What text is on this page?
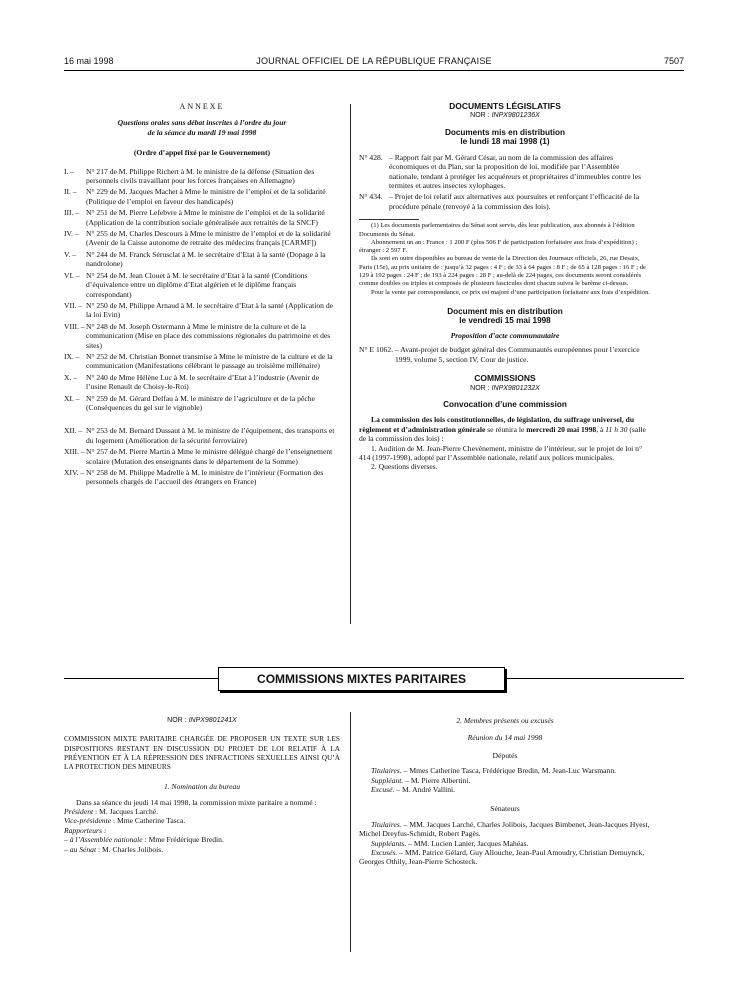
16 mai 1998	JOURNAL OFFICIEL DE LA RÉPUBLIQUE FRANÇAISE	7507
ANNEXE
Questions orales sans débat inscrites à l’ordre du jour
de la séance du mardi 19 mai 1998
(Ordre d’appel fixé par le Gouvernement)
I. – N° 217 de M. Philippe Richert à M. le ministre de la défense (Situation des personnels civils travaillant pour les forces françaises en Allemagne)
II. – N° 229 de M. Jacques Machet à Mme le ministre de l’emploi et de la solidarité (Politique de l’emploi en faveur des handicapés)
III. – N° 251 de M. Pierre Lefebvre à Mme le ministre de l’emploi et de la solidarité (Application de la contribution sociale généralisée aux retraités de la SNCF)
IV. – N° 255 de M. Charles Descours à Mme le ministre de l’emploi et de la solidarité (Avenir de la Caisse autonome de retraite des médecins français [CARMF])
V. – N° 244 de M. Franck Sérusclat à M. le secrétaire d’Etat à la santé (Dopage à la nandrolone)
VI. – N° 254 de M. Jean Clouet à M. le secrétaire d’Etat à la santé (Conditions d’équivalence entre un diplôme d’Etat algérien et le diplôme français correspondant)
VII. – N° 250 de M. Philippe Arnaud à M. le secrétaire d’Etat à la santé (Application de la loi Evin)
VIII. – N° 248 de M. Joseph Ostermann à Mme le ministre de la culture et de la communication (Mise en place des commissions régionales du patrimoine et des sites)
IX. – N° 252 de M. Christian Bonnet transmise à Mme le ministre de la culture et de la communication (Manifestations célébrant le passage au troisième millénaire)
X. – N° 240 de Mme Hélène Luc à M. le secrétaire d’Etat à l’industrie (Avenir de l’usine Renault de Choisy-le-Roi)
XI. – N° 259 de M. Gérard Delfau à M. le ministre de l’agriculture et de la pêche (Conséquences du gel sur le vignoble)
XII. – N° 253 de M. Bernard Dussaut à M. le ministre de l’équipement, des transports et du logement (Amélioration de la sécurité ferroviaire)
XIII. – N° 257 de M. Pierre Martin à Mme le ministre délégué chargé de l’enseignement scolaire (Mutation des enseignants dans le département de la Somme)
XIV. – N° 258 de M. Philippe Madrelle à M. le ministre de l’intérieur (Formation des personnels chargés de l’accueil des étrangers en France)
DOCUMENTS LÉGISLATIFS
NOR : INPX9801236X
Documents mis en distribution
le lundi 18 mai 1998 (1)
N° 428. – Rapport fait par M. Gérard César, au nom de la commission des affaires économiques et du Plan, sur la proposition de loi, modifiée par l’Assemblée nationale, tendant à protéger les acquéreurs et propriétaires d’immeubles contre les termites et autres insectes xylophages.
N° 434. – Projet de loi relatif aux alternatives aux poursuites et renforçant l’efficacité de la procédure pénale (renvoyé à la commission des lois).
(1) Les documents parlementaires du Sénat sont servis, dès leur publication, aux abonnés à l’édition Documents du Sénat.
Abonnement un an : France : 1 200 F (plus 506 F de participation forfaitaire aux frais d’expédition) ; étranger : 2 597 F.
Ils sont en outre disponibles au bureau de vente de la Direction des Journaux officiels, 26, rue Desaix, Paris (15e), au prix unitaire de : jusqu’à 32 pages : 4 F ; de 33 à 64 pages : 8 F ; de 65 à 128 pages : 16 F ; de 129 à 192 pages : 24 F ; de 193 à 224 pages : 28 F ; au-delà de 224 pages, ces documents seront considérés comme doubles ou triples et composés de plusieurs fascicules dont chacun suivra le barème ci-dessus.
Pour la vente par correspondance, ce prix est majoré d’une participation forfaitaire aux frais d’expédition.
Document mis en distribution
le vendredi 15 mai 1998
Proposition d’acte communautaire
N° E 1062. – Avant-projet de budget général des Communautés européennes pour l’exercice 1999, volume 5, section IV, Cour de justice.
COMMISSIONS
NOR : INPX9801232X
Convocation d’une commission

La commission des lois constitutionnelles, de législation, du suffrage universel, du règlement et d’administration générale se réunira le mercredi 20 mai 1998, à 11 h 30 (salle de la commission des lois) :

1. Audition de M. Jean-Pierre Chevènement, ministre de l’intérieur, sur le projet de loi n° 414 (1997-1998), adopté par l’Assemblée nationale, relatif aux polices municipales.

2. Questions diverses.

COMMISSIONS MIXTES PARITAIRES
NOR : INPX9801241X

COMMISSION MIXTE PARITAIRE CHARGÉE DE PROPOSER UN TEXTE SUR LES DISPOSITIONS RESTANT EN DISCUSSION DU PROJET DE LOI RELATIF À LA PRÉVENTION ET À LA RÉPRESSION DES INFRACTIONS SEXUELLES AINSI QU’À LA PROTECTION DES MINEURS

1. Nomination du bureau

Dans sa séance du jeudi 14 mai 1998, la commission mixte paritaire a nommé :

Président : M. Jacques Larché.

Vice-présidente : Mme Catherine Tasca.

Rapporteurs :

– à l’Assemblée nationale : Mme Frédérique Bredin.

– au Sénat : M. Charles Jolibois.

2. Membres présents ou excusés
Réunion du 14 mai 1998
Députés

Titulaires. – Mmes Catherine Tasca, Frédérique Bredin, M. Jean-Luc Warsmann.

Suppléant. – M. Pierre Albertini.

Excusé. – M. André Vallini.

Sénateurs

Titulaires. – MM. Jacques Larché, Charles Jolibois, Jacques Bimbenet, Jean-Jacques Hyest, Michel Dreyfus-Schmidt, Robert Pagès.

Suppléants. – MM. Lucien Lanier, Jacques Mahéas.

Excusés. – MM. Patrice Gélard, Guy Allouche, Jean-Paul Amoudry, Christian Demuynck, Georges Othily, Jean-Pierre Schosteck.
